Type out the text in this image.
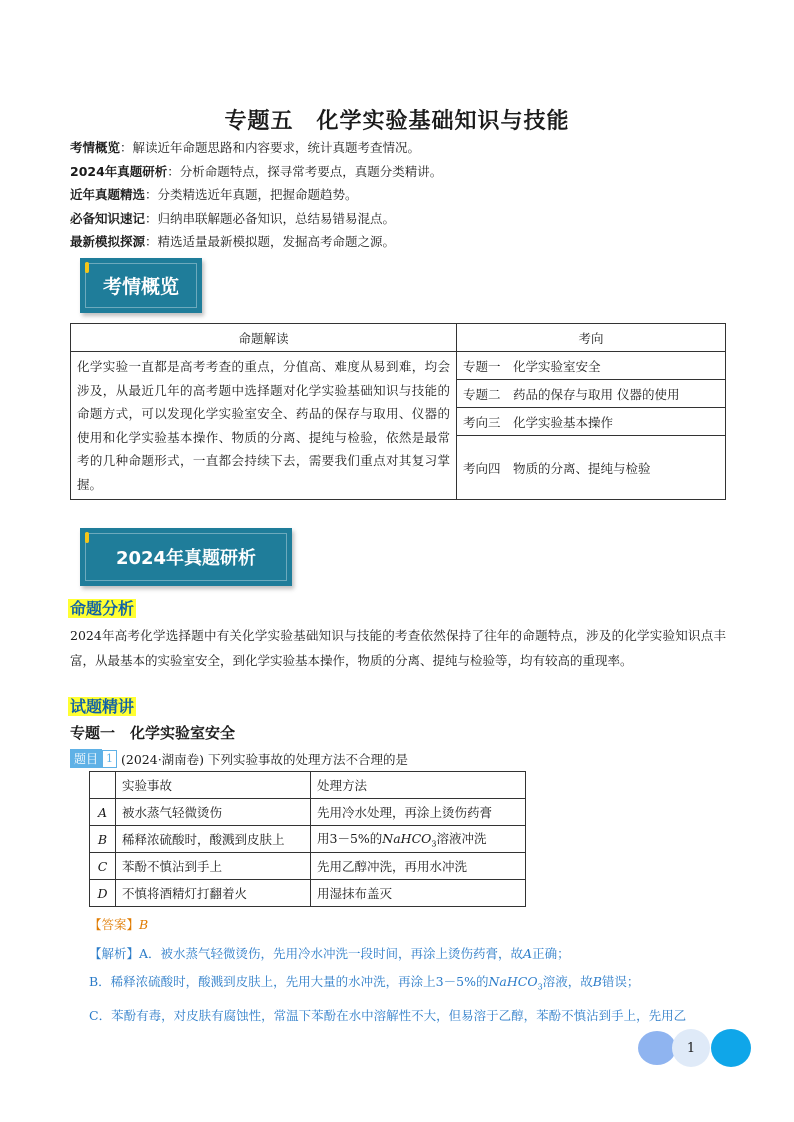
专题五　化学实验基础知识与技能
考情概览：解读近年命题思路和内容要求，统计真题考查情况。
2024年真题研析：分析命题特点，探寻常考要点，真题分类精讲。
近年真题精选：分类精选近年真题，把握命题趋势。
必备知识速记：归纳串联解题必备知识，总结易错易混点。
最新模拟探源：精选适量最新模拟题，发掘高考命题之源。
考情概览
命题解读	考向
化学实验一直都是高考考查的重点，分值高、难度从易到难，均会涉及，从最近几年的高考题中选择题对化学实验基础知识与技能的命题方式，可以发现化学实验室安全、药品的保存与取用、仪器的使用和化学实验基本操作、物质的分离、提纯与检验，依然是最常考的几种命题形式，一直都会持续下去，需要我们重点对其复习掌握。	专题一　化学实验室安全
	专题二　药品的保存与取用 仪器的使用
	考向三　化学实验基本操作
	考向四　物质的分离、提纯与检验
2024年真题研析
命题分析
2024年高考化学选择题中有关化学实验基础知识与技能的考查依然保持了往年的命题特点，涉及的化学实验知识点丰富，从最基本的实验室安全，到化学实验基本操作，物质的分离、提纯与检验等，均有较高的重现率。
试题精讲
专题一　化学实验室安全
题目 1 (2024·湖南卷) 下列实验事故的处理方法不合理的是
	实验事故	处理方法
A	被水蒸气轻微烫伤	先用冷水处理，再涂上烫伤药膏
B	稀释浓硫酸时，酸溅到皮肤上	用3－5%的NaHCO$_3$溶液冲洗
C	苯酚不慎沾到手上	先用乙醇冲洗，再用水冲洗
D	不慎将酒精灯打翻着火	用湿抹布盖灭
【答案】B
【解析】A．被水蒸气轻微烫伤，先用冷水冲洗一段时间，再涂上烫伤药膏，故A正确；
B．稀释浓硫酸时，酸溅到皮肤上，先用大量的水冲洗，再涂上3－5%的NaHCO$_3$溶液，故B错误；
C．苯酚有毒，对皮肤有腐蚀性，常温下苯酚在水中溶解性不大，但易溶于乙醇，苯酚不慎沾到手上，先用乙
1
